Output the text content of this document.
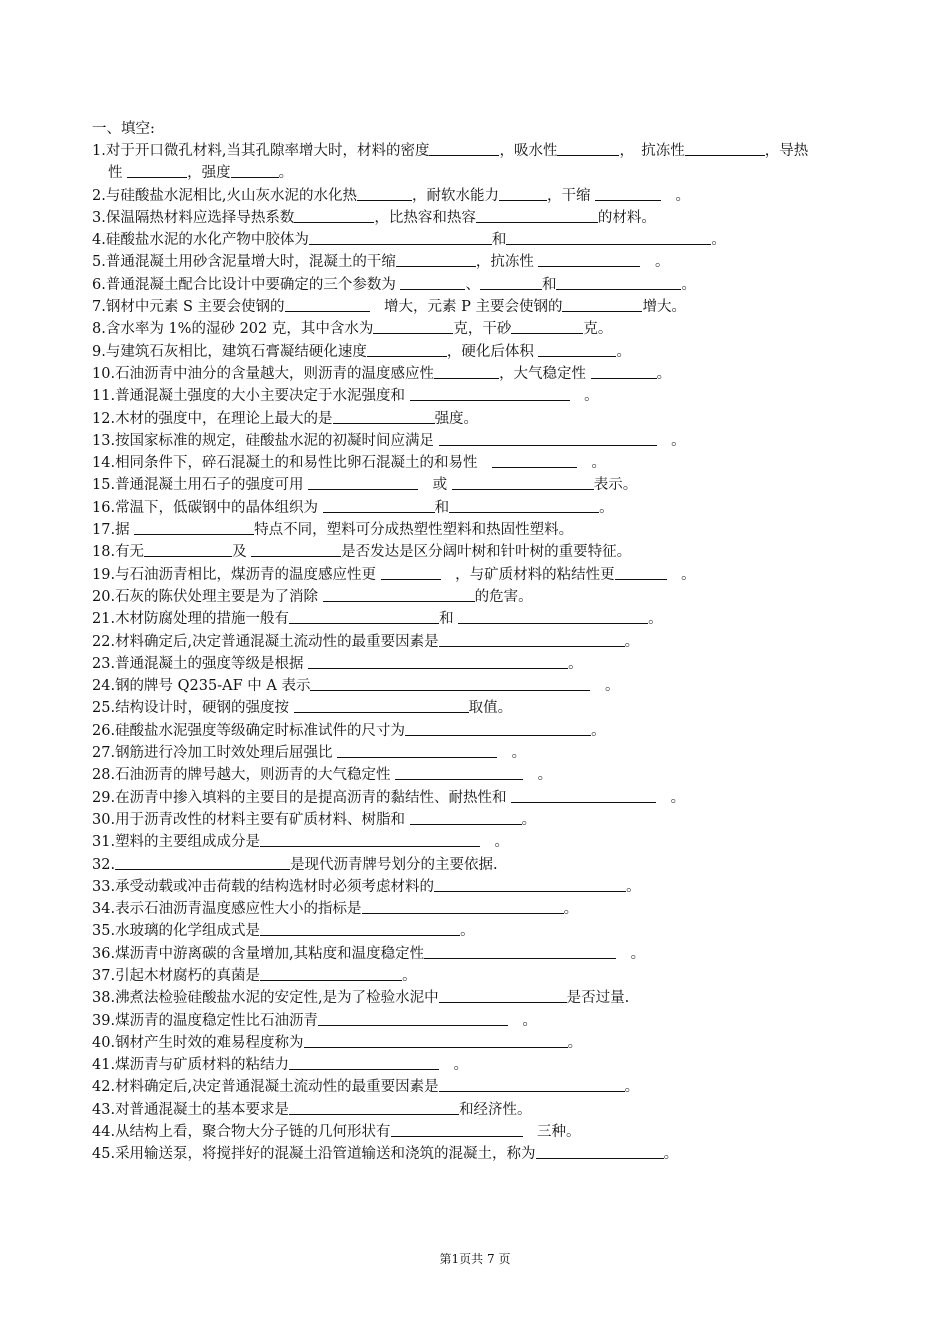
一、填空:
1.对于开口微孔材料,当其孔隙率增大时，材料的密度	，吸水性	，　抗冻性	，导热
性	，强度	。
2.与硅酸盐水泥相比,火山灰水泥的水化热	，耐软水能力	，干缩	　。
3.保温隔热材料应选择导热系数	，比热容和热容	的材料。
4.硅酸盐水泥的水化产物中胶体为	和	。
5.普通混凝土用砂含泥量增大时，混凝土的干缩	，抗冻性	　。
6.普通混凝土配合比设计中要确定的三个参数为	、	和	。
7.钢材中元素 S 主要会使钢的	　增大，元素 P 主要会使钢的	增大。
8.含水率为 1%的湿砂 202 克，其中含水为	克，干砂	克。
9.与建筑石灰相比，建筑石膏凝结硬化速度	，硬化后体积	。
10.石油沥青中油分的含量越大，则沥青的温度感应性	，大气稳定性	。
11.普通混凝土强度的大小主要决定于水泥强度和	　。
12.木材的强度中，在理论上最大的是	强度。
13.按国家标准的规定，硅酸盐水泥的初凝时间应满足	　。
14.相同条件下，碎石混凝土的和易性比卵石混凝土的和易性　	　。
15.普通混凝土用石子的强度可用	　或	表示。
16.常温下，低碳钢中的晶体组织为	和	。
17.据	特点不同，塑料可分成热塑性塑料和热固性塑料。
18.有无	及	是否发达是区分阔叶树和针叶树的重要特征。
19.与石油沥青相比，煤沥青的温度感应性更	　，与矿质材料的粘结性更	　。
20.石灰的陈伏处理主要是为了消除	的危害。
21.木材防腐处理的措施一般有	和	。
22.材料确定后,决定普通混凝土流动性的最重要因素是	。
23.普通混凝土的强度等级是根据	。
24.钢的牌号 Q235-AF 中 A 表示	　。
25.结构设计时，硬钢的强度按	取值。
26.硅酸盐水泥强度等级确定时标准试件的尺寸为	。
27.钢筋进行冷加工时效处理后屈强比	　。
28.石油沥青的牌号越大，则沥青的大气稳定性	　。
29.在沥青中掺入填料的主要目的是提高沥青的黏结性、耐热性和	　。
30.用于沥青改性的材料主要有矿质材料、树脂和	。
31.塑料的主要组成成分是	　。
32.	是现代沥青牌号划分的主要依据.
33.承受动载或冲击荷载的结构选材时必须考虑材料的	。
34.表示石油沥青温度感应性大小的指标是	。
35.水玻璃的化学组成式是	。
36.煤沥青中游离碳的含量增加,其粘度和温度稳定性	　。
37.引起木材腐朽的真菌是	。
38.沸煮法检验硅酸盐水泥的安定性,是为了检验水泥中	是否过量.
39.煤沥青的温度稳定性比石油沥青	　。
40.钢材产生时效的难易程度称为	。
41.煤沥青与矿质材料的粘结力	　。
42.材料确定后,决定普通混凝土流动性的最重要因素是	。
43.对普通混凝土的基本要求是	和经济性。
44.从结构上看，聚合物大分子链的几何形状有	　三种。
45.采用输送泵，将搅拌好的混凝土沿管道输送和浇筑的混凝土，称为	。
第1页共 7 页
